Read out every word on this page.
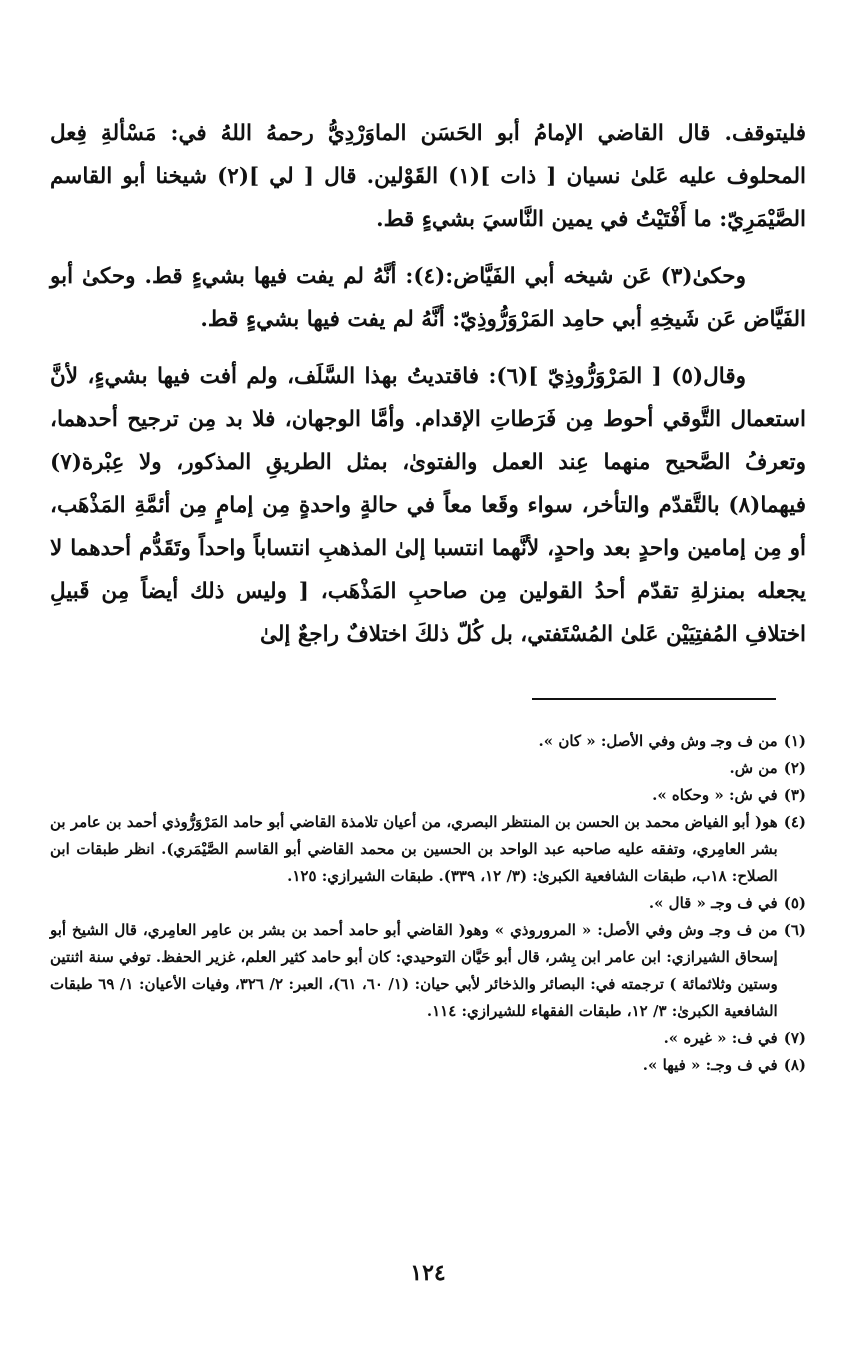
فليتوقف. قال القاضي الإمامُ أبو الحَسَن الماوَرْدِيُّ رحمهُ اللهُ في: مَسْألةِ فِعل المحلوف عليه عَلىٰ نسيان [ ذات ](١) القَوْلين. قال [ لي ](٢) شيخنا أبو القاسم الصَّيْمَرِيّ: ما أَفْتَيْتُ في يمين النَّاسيَ بشيءٍ قط.

وحكىٰ(٣) عَن شيخه أبي الفَيَّاض:(٤): أنَّهُ لم يفت فيها بشيءٍ قط. وحكىٰ أبو الفَيَّاض عَن شَيخِهِ أبي حامِد المَرْوَرُّوذِيّ: أنَّهُ لم يفت فيها بشيءٍ قط.

وقال(٥) [ المَرْوَرُّوذِيّ ](٦): فاقتديتُ بهذا السَّلَف، ولم أفت فيها بشيءٍ، لأنَّ استعمال التَّوقي أحوط مِن فَرَطاتِ الإقدام. وأمَّا الوجهان، فلا بد مِن ترجيح أحدهما، وتعرفُ الصَّحيح منهما عِند العمل والفتوىٰ، بمثل الطريقِ المذكور، ولا عِبْرة(٧) فيهما(٨) بالتَّقدّم والتأخر، سواء وقَعا معاً في حالةٍ واحدةٍ مِن إمامٍ مِن أئمَّةِ المَذْهَب، أو مِن إمامين واحدٍ بعد واحدٍ، لأنَّهما انتسبا إلىٰ المذهبِ انتساباً واحداً وتَقَدُّم أحدهما لا يجعله بمنزلةِ تقدّم أحدُ القولين مِن صاحبِ المَذْهَب، [ وليس ذلك أيضاً مِن قَبيلِ اختلافِ المُفتِيَيْن عَلىٰ المُسْتَفتي، بل كُلّ ذلكَ اختلافٌ راجعٌ إلىٰ

(١)
من ف وجـ وش وفي الأصل: « كان ».
(٢)
من ش.
(٣)
في ش: « وحكاه ».
(٤)
هو( أبو الفياض محمد بن الحسن بن المنتظر البصري، من أعيان تلامذة القاضي أبو حامد المَرْوَرُّوذي أحمد بن عامر بن بشر العامِري، وتفقه عليه صاحبه عبد الواحد بن الحسين بن محمد القاضي أبو القاسم الصَّيْمَري). انظر طبقات ابن الصلاح: ١٨ب، طبقات الشافعية الكبرىٰ: (٣/ ١٢، ٣٣٩). طبقات الشيرازي: ١٢٥.
(٥)
في ف وجـ « قال ».
(٦)
من ف وجـ وش وفي الأصل: « المروروذي » وهو( القاضي أبو حامد أحمد بن بشر بن عامِر العامِري، قال الشيخ أبو إسحاق الشيرازي: ابن عامر ابن بِشر، قال أبو حَيَّان التوحيدي: كان أبو حامد كثير العلم، غزير الحفظ. توفي سنة اثنتين وستين وثلاثمائة ) ترجمته في: البصائر والذخائر لأبي حيان: (١/ ٦٠، ٦١)، العبر: ٢/ ٣٢٦، وفيات الأعيان: ١/ ٦٩ طبقات الشافعية الكبرىٰ: ٣/ ١٢، طبقات الفقهاء للشيرازي: ١١٤.
(٧)
في ف: « غيره ».
(٨)
في ف وجـ: « فيها ».
١٢٤
